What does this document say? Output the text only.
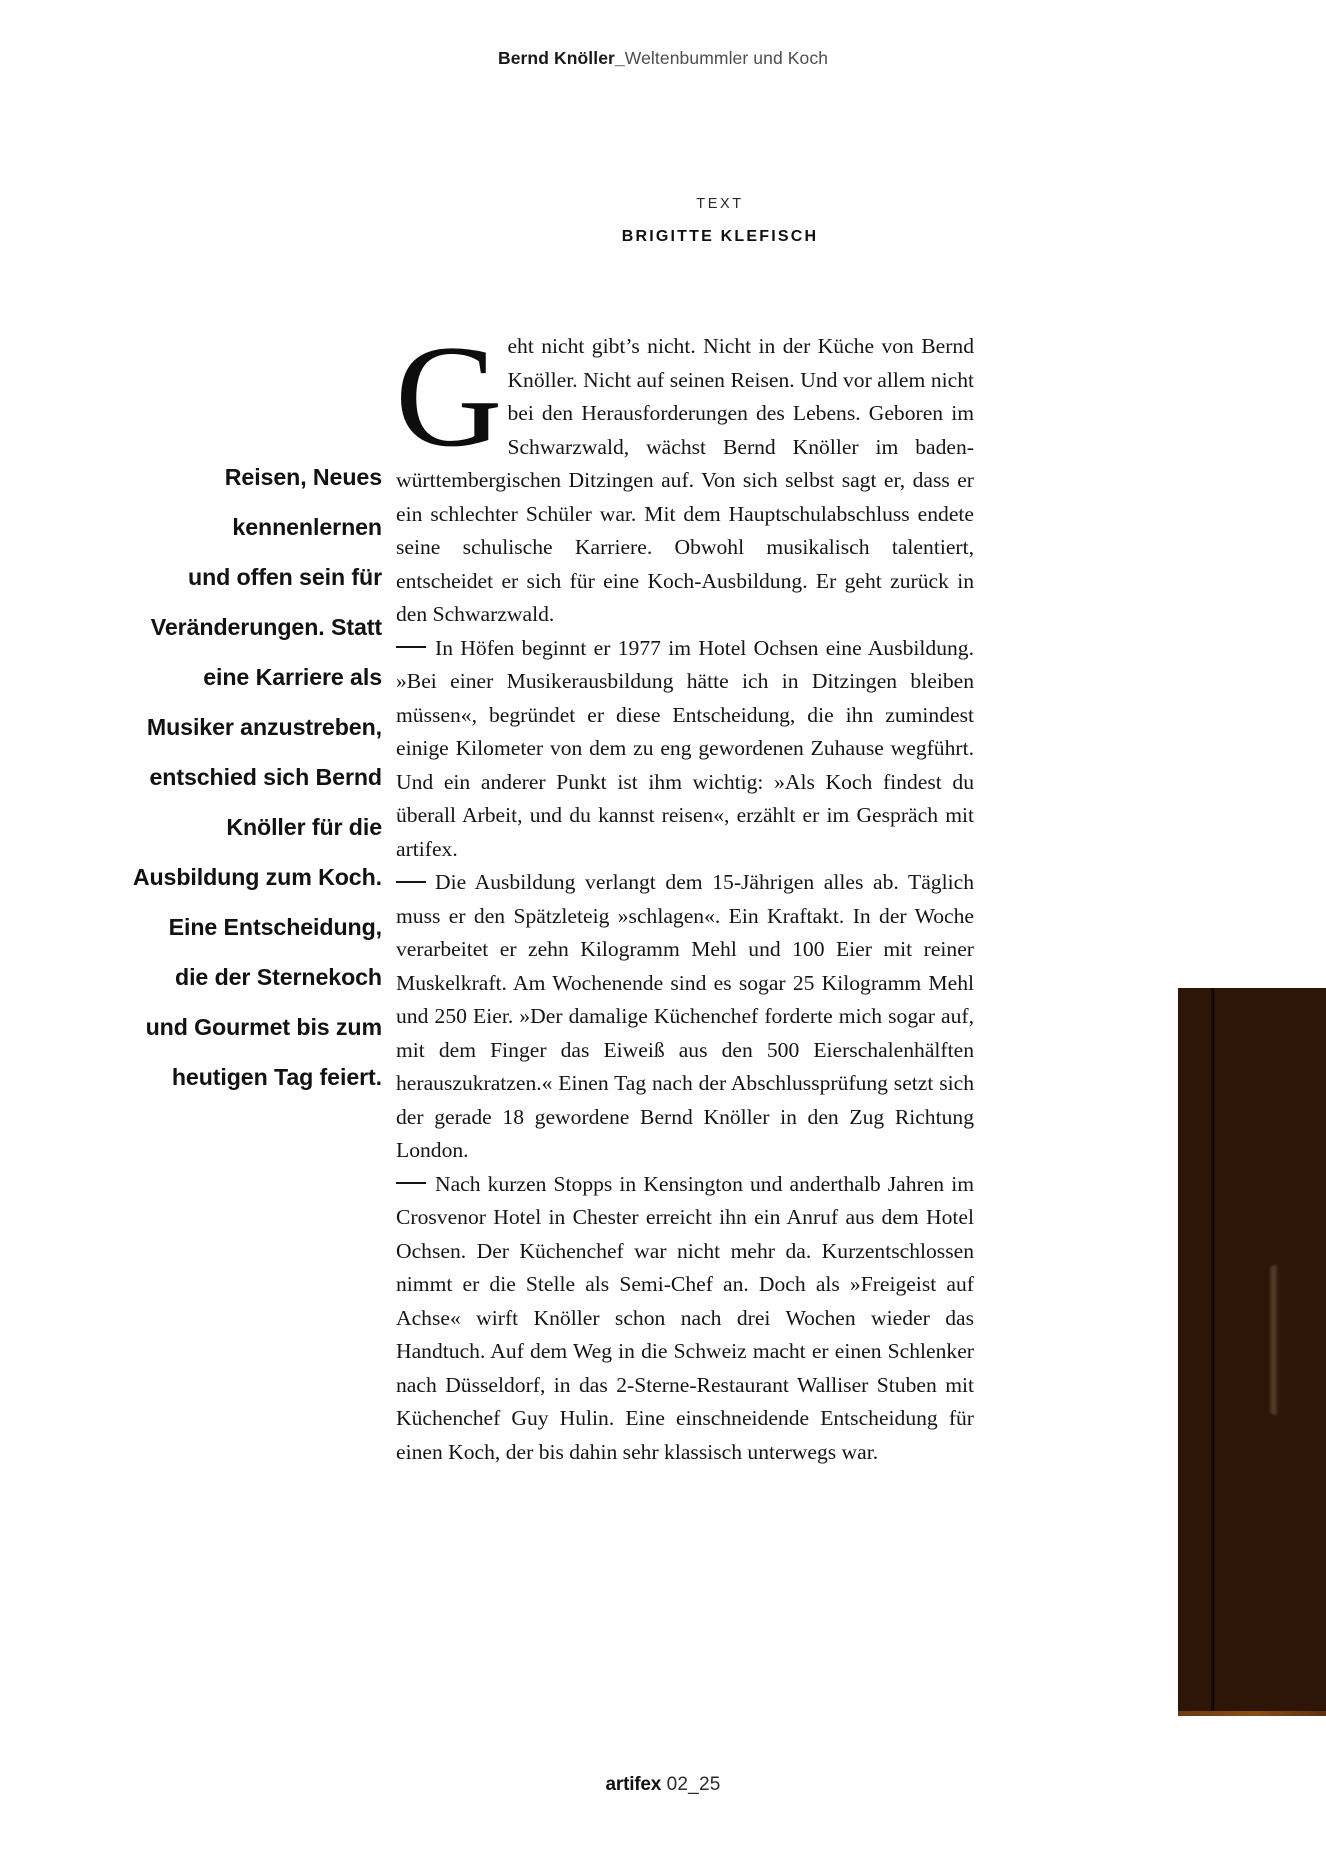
Bernd Knöller_Weltenbummler und Koch
TEXT
BRIGITTE KLEFISCH
Reisen, Neues
kennenlernen
und offen sein für
Veränderungen. Statt
eine Karriere als
Musiker anzustreben,
entschied sich Bernd
Knöller für die
Ausbildung zum Koch.
Eine Entscheidung,
die der Sternekoch
und Gourmet bis zum
heutigen Tag feiert.

Geht nicht gibt’s nicht. Nicht in der Küche von Bernd Knöller. Nicht auf seinen Reisen. Und vor allem nicht bei den Herausforderungen des Lebens. Geboren im Schwarzwald, wächst Bernd Knöller im baden-württembergischen Ditzingen auf. Von sich selbst sagt er, dass er ein schlechter Schüler war. Mit dem Hauptschulabschluss endete seine schulische Karriere. Obwohl musikalisch talentiert, entscheidet er sich für eine Koch-Ausbildung. Er geht zurück in den Schwarzwald.

In Höfen beginnt er 1977 im Hotel Ochsen eine Ausbildung. »Bei einer Musikerausbildung hätte ich in Ditzingen bleiben müssen«, begründet er diese Entscheidung, die ihn zumindest einige Kilometer von dem zu eng gewordenen Zuhause wegführt. Und ein anderer Punkt ist ihm wichtig: »Als Koch findest du überall Arbeit, und du kannst reisen«, erzählt er im Gespräch mit artifex.

Die Ausbildung verlangt dem 15-Jährigen alles ab. Täglich muss er den Spätzleteig »schlagen«. Ein Kraftakt. In der Woche verarbeitet er zehn Kilogramm Mehl und 100 Eier mit reiner Muskelkraft. Am Wochenende sind es sogar 25 Kilogramm Mehl und 250 Eier. »Der damalige Küchenchef forderte mich sogar auf, mit dem Finger das Eiweiß aus den 500 Eierschalenhälften herauszukratzen.« Einen Tag nach der Abschlussprüfung setzt sich der gerade 18 gewordene Bernd Knöller in den Zug Richtung London.

Nach kurzen Stopps in Kensington und anderthalb Jahren im Crosvenor Hotel in Chester erreicht ihn ein Anruf aus dem Hotel Ochsen. Der Küchenchef war nicht mehr da. Kurzentschlossen nimmt er die Stelle als Semi-Chef an. Doch als »Freigeist auf Achse« wirft Knöller schon nach drei Wochen wieder das Handtuch. Auf dem Weg in die Schweiz macht er einen Schlenker nach Düsseldorf, in das 2-Sterne-Restaurant Walliser Stuben mit Küchenchef Guy Hulin. Eine einschneidende Entscheidung für einen Koch, der bis dahin sehr klassisch unterwegs war.

artifex 02_25
